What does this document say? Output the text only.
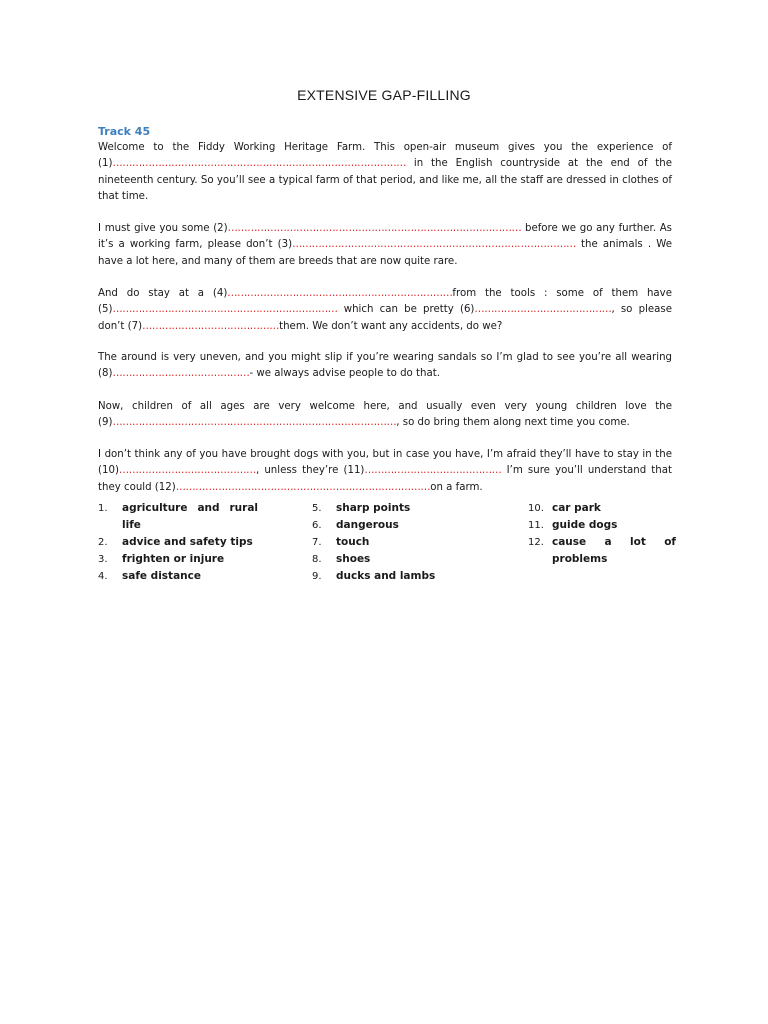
EXTENSIVE GAP-FILLING
Track 45
Welcome to the Fiddy Working Heritage Farm. This open-air museum gives you the experience of (1)……………………………………………………………………………… in the English countryside at the end of the nineteenth century. So you’ll see a typical farm of that period, and like me, all the staff are dressed in clothes of that time.
I must give you some (2)……………………………………………………………………………… before we go any further. As it’s a working farm, please don’t (3)…………………………………………………………………………… the animals . We have a lot here, and many of them are breeds that are now quite rare.
And do stay at a (4)……………………………………………………………from the tools : some of them have (5)…………………………………………………………… which can be pretty (6)……………………………………, so please don’t (7)……………………………………them. We don’t want any accidents, do we?
The around is very uneven, and you might slip if you’re wearing sandals so I’m glad to see you’re all wearing (8)……………………………………- we always advise people to do that.
Now, children of all ages are very welcome here, and usually even very young children love the (9)……………………………………………………………………………, so do bring them along next time you come.
I don’t think any of you have brought dogs with you, but in case you have, I’m afraid they’ll have to stay in the (10)……………………………………, unless they’re (11)…………………………………… I’m sure you’ll understand that they could (12)……………………………………………………………………on a farm.
1.	agriculture and rural life
2.	advice and safety tips
3.	frighten or injure
4.	safe distance
5.	sharp points
6.	dangerous
7.	touch
8.	shoes
9.	ducks and lambs
10. car park
11. guide dogs
12. cause a lot of problems
